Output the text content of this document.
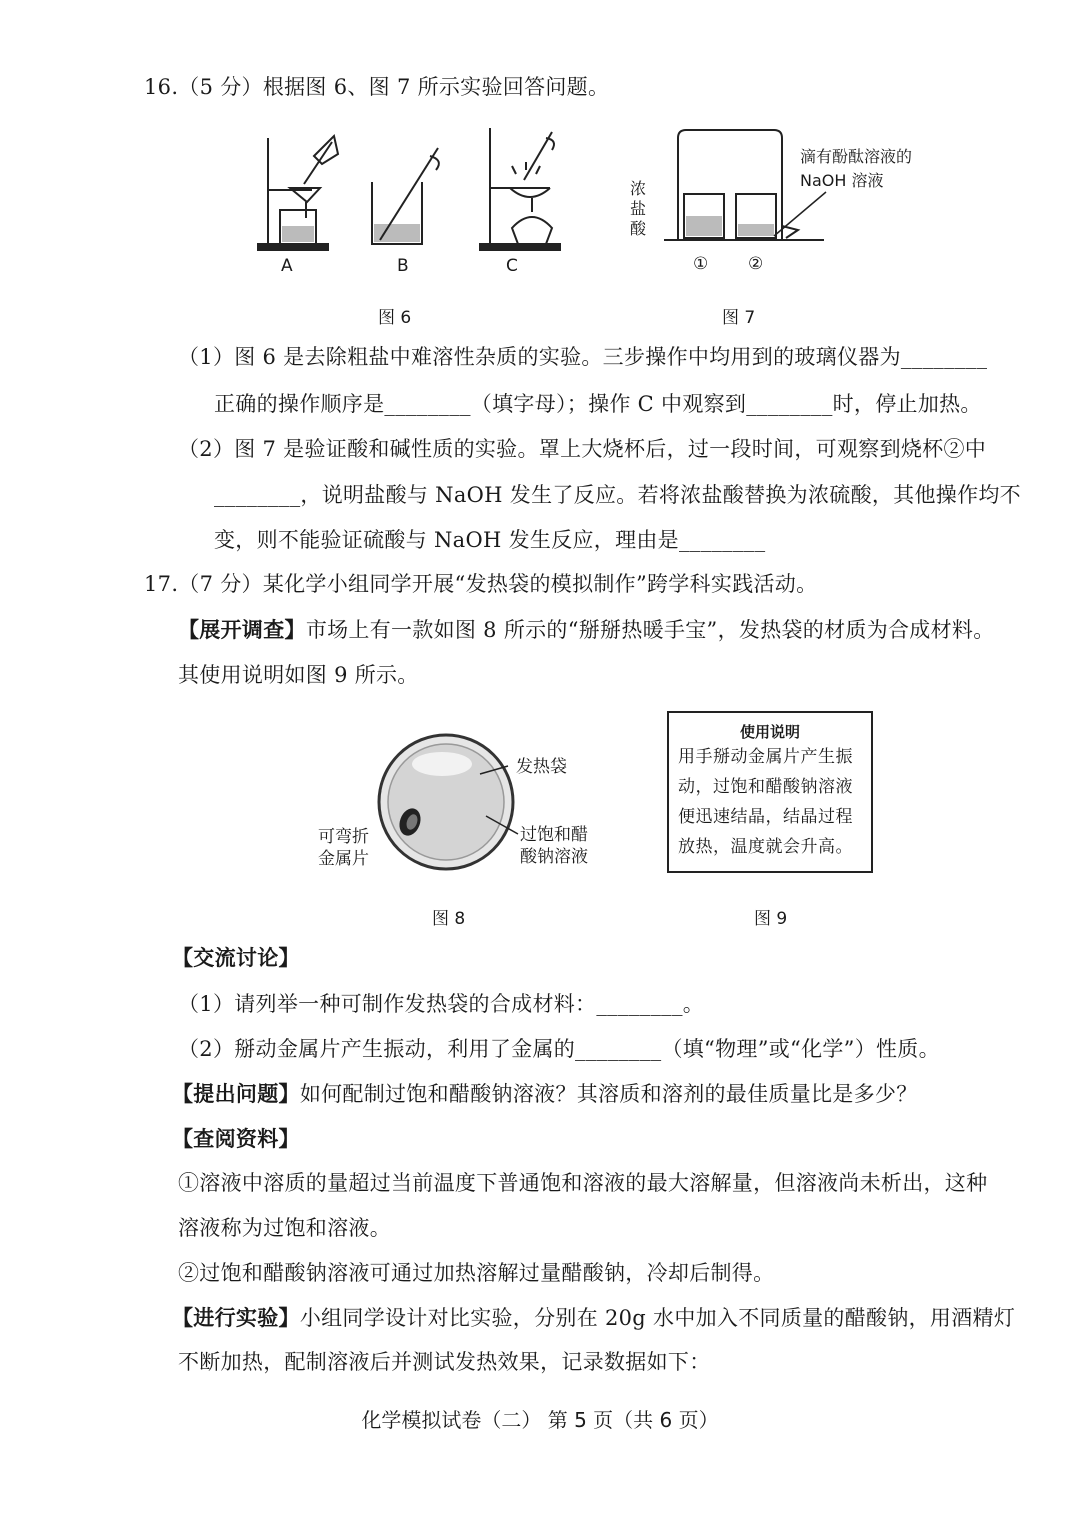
16.（5 分）根据图 6、图 7 所示实验回答问题。
A	B	C
图 6
浓
盐
酸
滴有酚酞溶液的
NaOH 溶液
① ②
图 7
（1）图 6 是去除粗盐中难溶性杂质的实验。三步操作中均用到的玻璃仪器为________
正确的操作顺序是________（填字母）；操作 C 中观察到________时，停止加热。
（2）图 7 是验证酸和碱性质的实验。罩上大烧杯后，过一段时间，可观察到烧杯②中
________，说明盐酸与 NaOH 发生了反应。若将浓盐酸替换为浓硫酸，其他操作均不
变，则不能验证硫酸与 NaOH 发生反应，理由是________
17.（7 分）某化学小组同学开展“发热袋的模拟制作”跨学科实践活动。
【展开调查】市场上有一款如图 8 所示的“掰掰热暖手宝”，发热袋的材质为合成材料。
其使用说明如图 9 所示。
发热袋
可弯折
金属片
过饱和醋
酸钠溶液
图 8
使用说明
用手掰动金属片产生振
动，过饱和醋酸钠溶液
便迅速结晶，结晶过程
放热，温度就会升高。
图 9
【交流讨论】
（1）请列举一种可制作发热袋的合成材料：________。
（2）掰动金属片产生振动，利用了金属的________（填“物理”或“化学”）性质。
【提出问题】如何配制过饱和醋酸钠溶液？其溶质和溶剂的最佳质量比是多少？
【查阅资料】
①溶液中溶质的量超过当前温度下普通饱和溶液的最大溶解量，但溶液尚未析出，这种
溶液称为过饱和溶液。
②过饱和醋酸钠溶液可通过加热溶解过量醋酸钠，冷却后制得。
【进行实验】小组同学设计对比实验，分别在 20g 水中加入不同质量的醋酸钠，用酒精灯
不断加热，配制溶液后并测试发热效果，记录数据如下：
化学模拟试卷（二） 第 5 页（共 6 页）
